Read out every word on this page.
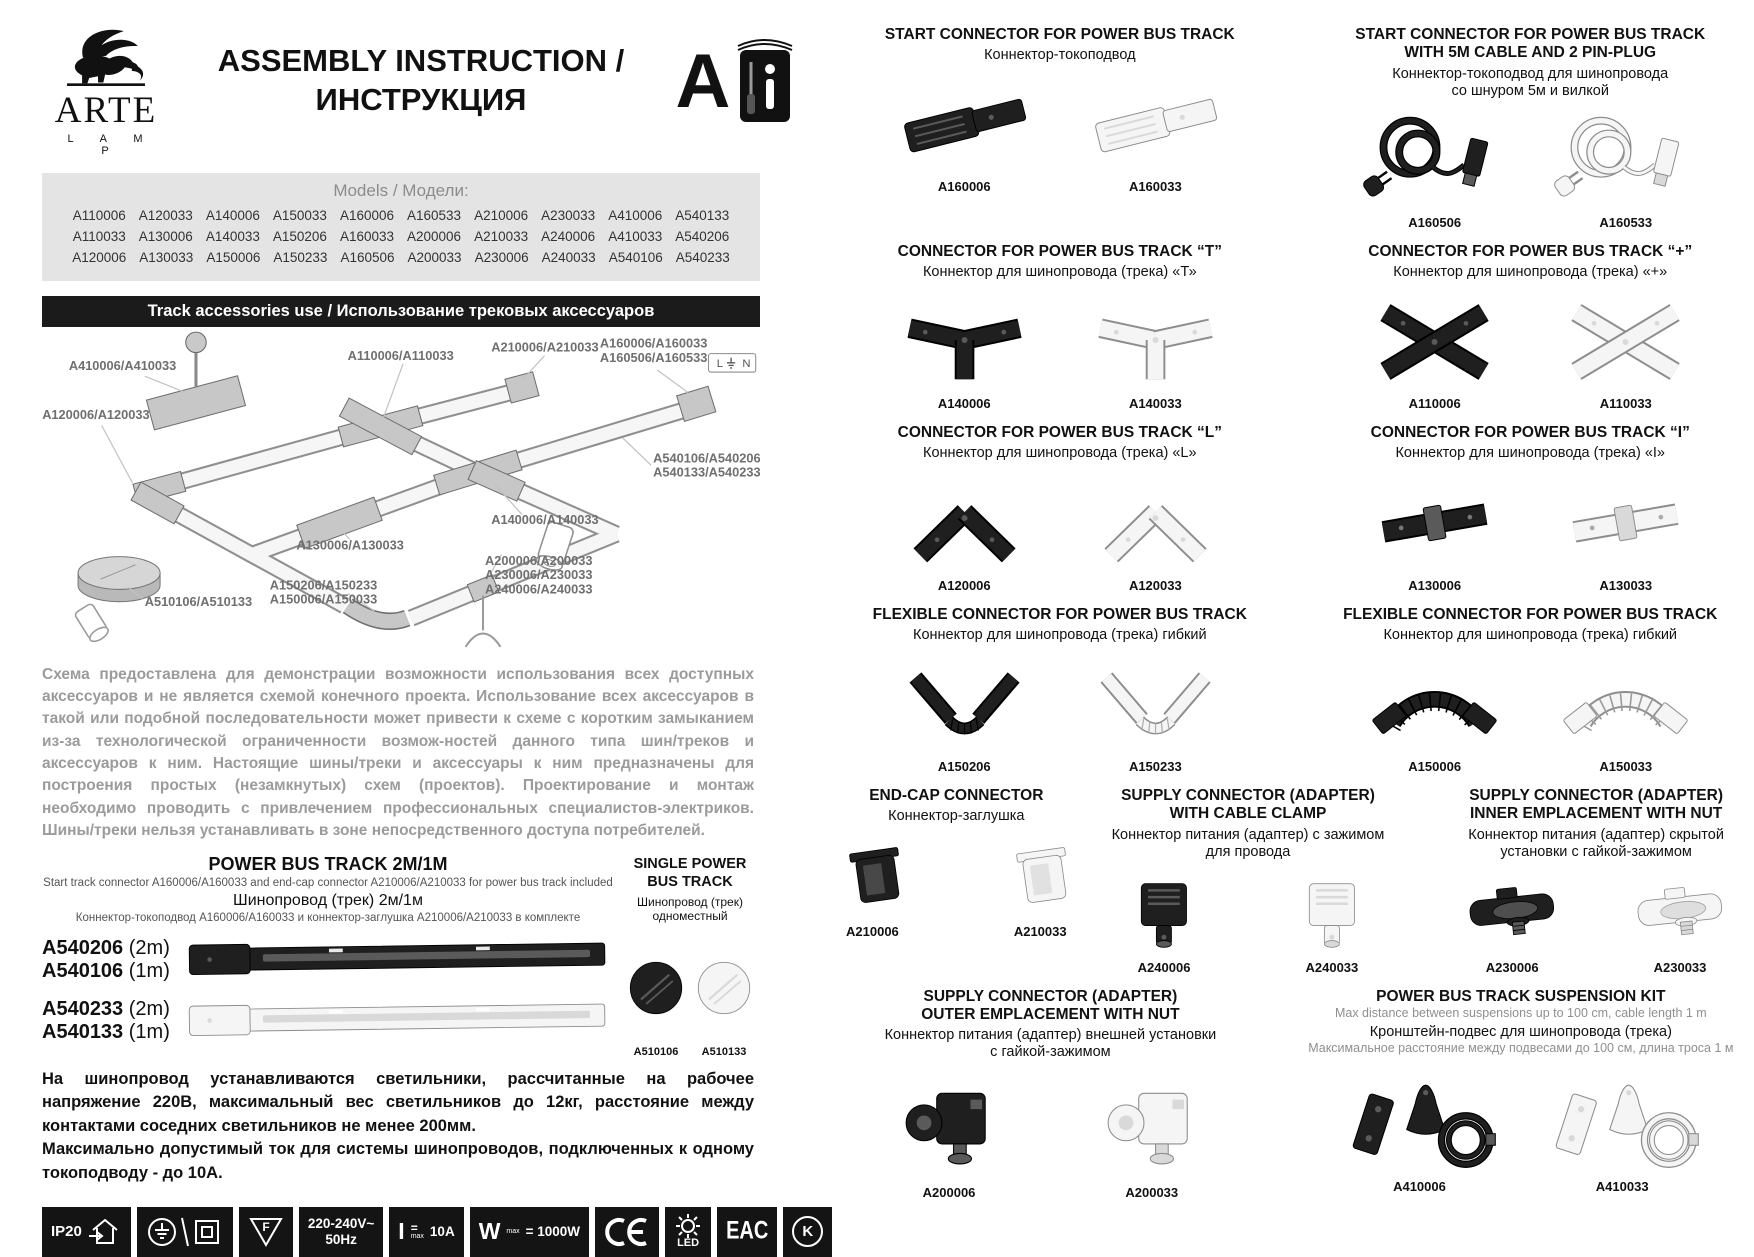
ARTE
L A M P
ASSEMBLY INSTRUCTION /
ИНСТРУКЦИЯ	A
Models / Модели:
A110006 A120033 A140006 A150033 A160006 A160533 A210006 A230033 A410006 A540133
A110033 A130006 A140033 A150206 A160033 A200006 A210033 A240006 A410033 A540206
A120006 A130033 A150006 A150233 A160506 A200033 A230006 A240033 A540106 A540233
Track accessories use / Использование трековых аксессуаров
L N
A410006/A410033
A110006/A110033
A210006/A210033 A160006/A160033 A160506/A160533
A120006/A120033
A130006/A130033
A140006/A140033
A540106/A540206 A540133/A540233
A200006/A200033 A230006/A230033 A240006/A240033
A150206/A150233 A150006/A150033
A510106/A510133
Схема предоставлена для демонстрации возможности использования всех доступных аксессуаров и не является схемой конечного проекта. Использование всех аксессуаров в такой или подобной последовательности может привести к схеме с коротким замыканием из-за технологической ограниченности возмож-ностей данного типа шин/треков и аксессуаров к ним. Настоящие шины/треки и аксессуары к ним предназначены для построения простых (незамкнутых) схем (проектов). Проектирование и монтаж необходимо проводить с привлечением профессиональных специалистов-электриков. Шины/треки нельзя устанавливать в зоне непосредственного доступа потребителей.
POWER BUS TRACK 2M/1M
Start track connector A160006/A160033 and end-cap connector A210006/A210033 for power bus track included
Шинопровод (трек) 2м/1м
Коннектор-токоподвод A160006/A160033 и коннектор-заглушка A210006/A210033 в комплекте
A540206 (2m)
A540106 (1m)
A540233 (2m)
A540133 (1m)
SINGLE POWER
BUS TRACK
Шинопровод (трек)
одноместный
A510106	A510133

На шинопровод устанавливаются светильники, рассчитанные на рабочее напряжение 220В, максимальный вес светильников до 12кг, расстояние между контактами соседних светильников не менее 200мм.

Максимально допустимый ток для системы шинопроводов, подключенных к одному токоподводу - до 10А.

IP20	F	220-240V~
50Hz I =
max 10A W max = 1000W
LED EAC	K
START CONNECTOR FOR POWER BUS TRACK
Коннектор-токоподвод
A160006	A160033
START CONNECTOR FOR POWER BUS TRACK
WITH 5M CABLE AND 2 PIN-PLUG
Коннектор-токоподвод для шинопровода
со шнуром 5м и вилкой
A160506	A160533
CONNECTOR FOR POWER BUS TRACK “T”
Коннектор для шинопровода (трека) «Т»
A140006	A140033
CONNECTOR FOR POWER BUS TRACK “+”
Коннектор для шинопровода (трека) «+»
A110006	A110033
CONNECTOR FOR POWER BUS TRACK “L”
Коннектор для шинопровода (трека) «L»
A120006	A120033
CONNECTOR FOR POWER BUS TRACK “I”
Коннектор для шинопровода (трека) «I»
A130006	A130033
FLEXIBLE CONNECTOR FOR POWER BUS TRACK
Коннектор для шинопровода (трека) гибкий
A150206	A150233
FLEXIBLE CONNECTOR FOR POWER BUS TRACK
Коннектор для шинопровода (трека) гибкий
A150006	A150033
END-CAP CONNECTOR
Коннектор-заглушка
A210006	A210033
SUPPLY CONNECTOR (ADAPTER)
WITH CABLE CLAMP
Коннектор питания (адаптер) с зажимом
для провода
A240006	A240033
SUPPLY CONNECTOR (ADAPTER)
INNER EMPLACEMENT WITH NUT
Коннектор питания (адаптер) скрытой
установки с гайкой-зажимом
A230006	A230033
SUPPLY CONNECTOR (ADAPTER)
OUTER EMPLACEMENT WITH NUT
Коннектор питания (адаптер) внешней установки
с гайкой-зажимом
A200006	A200033
POWER BUS TRACK SUSPENSION KIT
Max distance between suspensions up to 100 cm, cable length 1 m
Кронштейн-подвес для шинопровода (трека)
Максимальное расстояние между подвесами до 100 см, длина троса 1 м
A410006	A410033
